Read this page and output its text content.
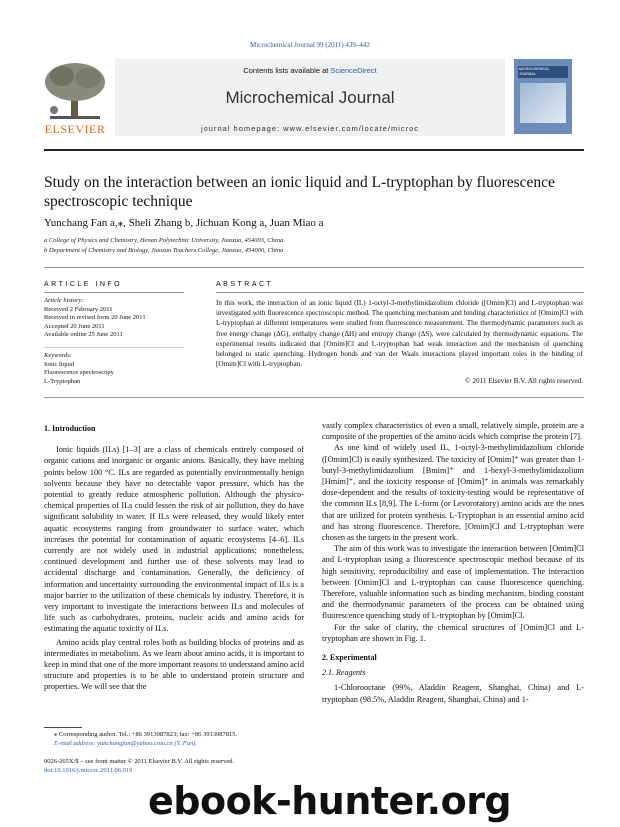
Microchemical Journal 99 (2011) 439–442
Contents lists available at ScienceDirect
Microchemical Journal
journal homepage: www.elsevier.com/locate/microc
ELSEVIER
MICROCHEMICAL JOURNAL
Study on the interaction between an ionic liquid and L-tryptophan by fluorescence spectroscopic technique
Yunchang Fan a,⁎, Sheli Zhang b, Jichuan Kong a, Juan Miao a
a College of Physics and Chemistry, Henan Polytechnic University, Jiaozuo, 454003, China
b Department of Chemistry and Biology, Jiaozuo Teachers College, Jiaozuo, 454000, China
ARTICLE INFO
Article history:
Received 2 February 2011
Received in revised form 20 June 2011
Accepted 20 June 2011
Available online 25 June 2011
Keywords:
Ionic liquid
Fluorescence spectroscopy
L-Tryptophan
ABSTRACT
In this work, the interaction of an ionic liquid (IL) 1-octyl-3-methylimidazolium chloride ([Omim]Cl) and L-tryptophan was investigated with fluorescence spectroscopic method. The quenching mechanism and binding characteristics of [Omim]Cl with L-tryptophan at different temperatures were studied from fluorescence measurement. The thermodynamic parameters such as free energy change (ΔG), enthalpy change (ΔH) and entropy change (ΔS), were calculated by thermodynamic equations. The experimental results indicated that [Omim]Cl and L-tryptophan had weak interaction and the mechanism of quenching belonged to static quenching. Hydrogen bonds and van der Waals interactions played important roles in the binding of [Omim]Cl with L-tryptophan.
© 2011 Elsevier B.V. All rights reserved.
1. Introduction

Ionic liquids (ILs) [1–3] are a class of chemicals entirely composed of organic cations and inorganic or organic anions. Basically, they have melting points below 100 °C. ILs are regarded as potentially environmentally benign solvents because they have no detectable vapor pressure, which has the potential to greatly reduce atmospheric pollution. Although the physico-chemical properties of ILs could lessen the risk of air pollution, they do have significant solubility in water. If ILs were released, they would likely enter aquatic ecosystems ranging from groundwater to surface water, which increases the potential for contamination of aquatic ecosystems [4–6]. ILs currently are not widely used in industrial applications; nonetheless, continued development and further use of these solvents may lead to accidental discharge and contamination. Generally, the deficiency of information and uncertainty surrounding the environmental impact of ILs is a major barrier to the utilization of these chemicals by industry. Therefore, it is very important to investigate the interactions between ILs and molecules of life such as carbohydrates, proteins, nucleic acids and amino acids for estimating the aquatic toxicity of ILs.

Amino acids play central roles both as building blocks of proteins and as intermediates in metabolism. As we learn about amino acids, it is important to keep in mind that one of the more important reasons to understand amino acid structure and properties is to be able to understand protein structure and properties. We will see that the

vastly complex characteristics of even a small, relatively simple, protein are a composite of the properties of the amino acids which comprise the protein [7].

As one kind of widely used IL, 1-octyl-3-methylimidazolium chloride ([Omim]Cl) is easily synthesized. The toxicity of [Omim]⁺ was greater than 1-butyl-3-methylimidazolium [Bmim]⁺ and 1-hexyl-3-methylimidazolium [Hmim]⁺, and the toxicity response of [Omim]⁺ in animals was remarkably dose-dependent and the results of toxicity-testing would be representative of the common ILs [8,9]. The L-form (or Levorotatory) amino acids are the ones that are utilized for protein synthesis. L-Tryptophan is an essential amino acid and has strong fluorescence. Therefore, [Omim]Cl and L-tryptophan were chosen as the targets in the present work.

The aim of this work was to investigate the interaction between [Omim]Cl and L-tryptophan using a fluorescence spectroscopic method because of its high sensitivity, reproducibility and ease of implementation. The interaction between [Omim]Cl and L-tryptophan can cause fluorescence quenching. Therefore, valuable information such as binding mechanism, binding constant and the thermodynamic parameters of the process can be obtained using fluorescence quenching study of L-tryptophan by [Omim]Cl.

For the sake of clarity, the chemical structures of [Omim]Cl and L-tryptophan are shown in Fig. 1.

2. Experimental
2.1. Reagents

1-Chlorooctane (99%, Aladdin Reagent, Shanghai, China) and L-tryptophan (98.5%, Aladdin Reagent, Shanghai, China) and 1-

⁎ Corresponding author. Tel.: +86 3913987823; fax: +86 3913987815.
E-mail address: yunchangfan@yahoo.com.cn (Y. Fan).
0026-265X/$ – see front matter © 2011 Elsevier B.V. All rights reserved.
doi:10.1016/j.microc.2011.06.019
ebook-hunter.org
